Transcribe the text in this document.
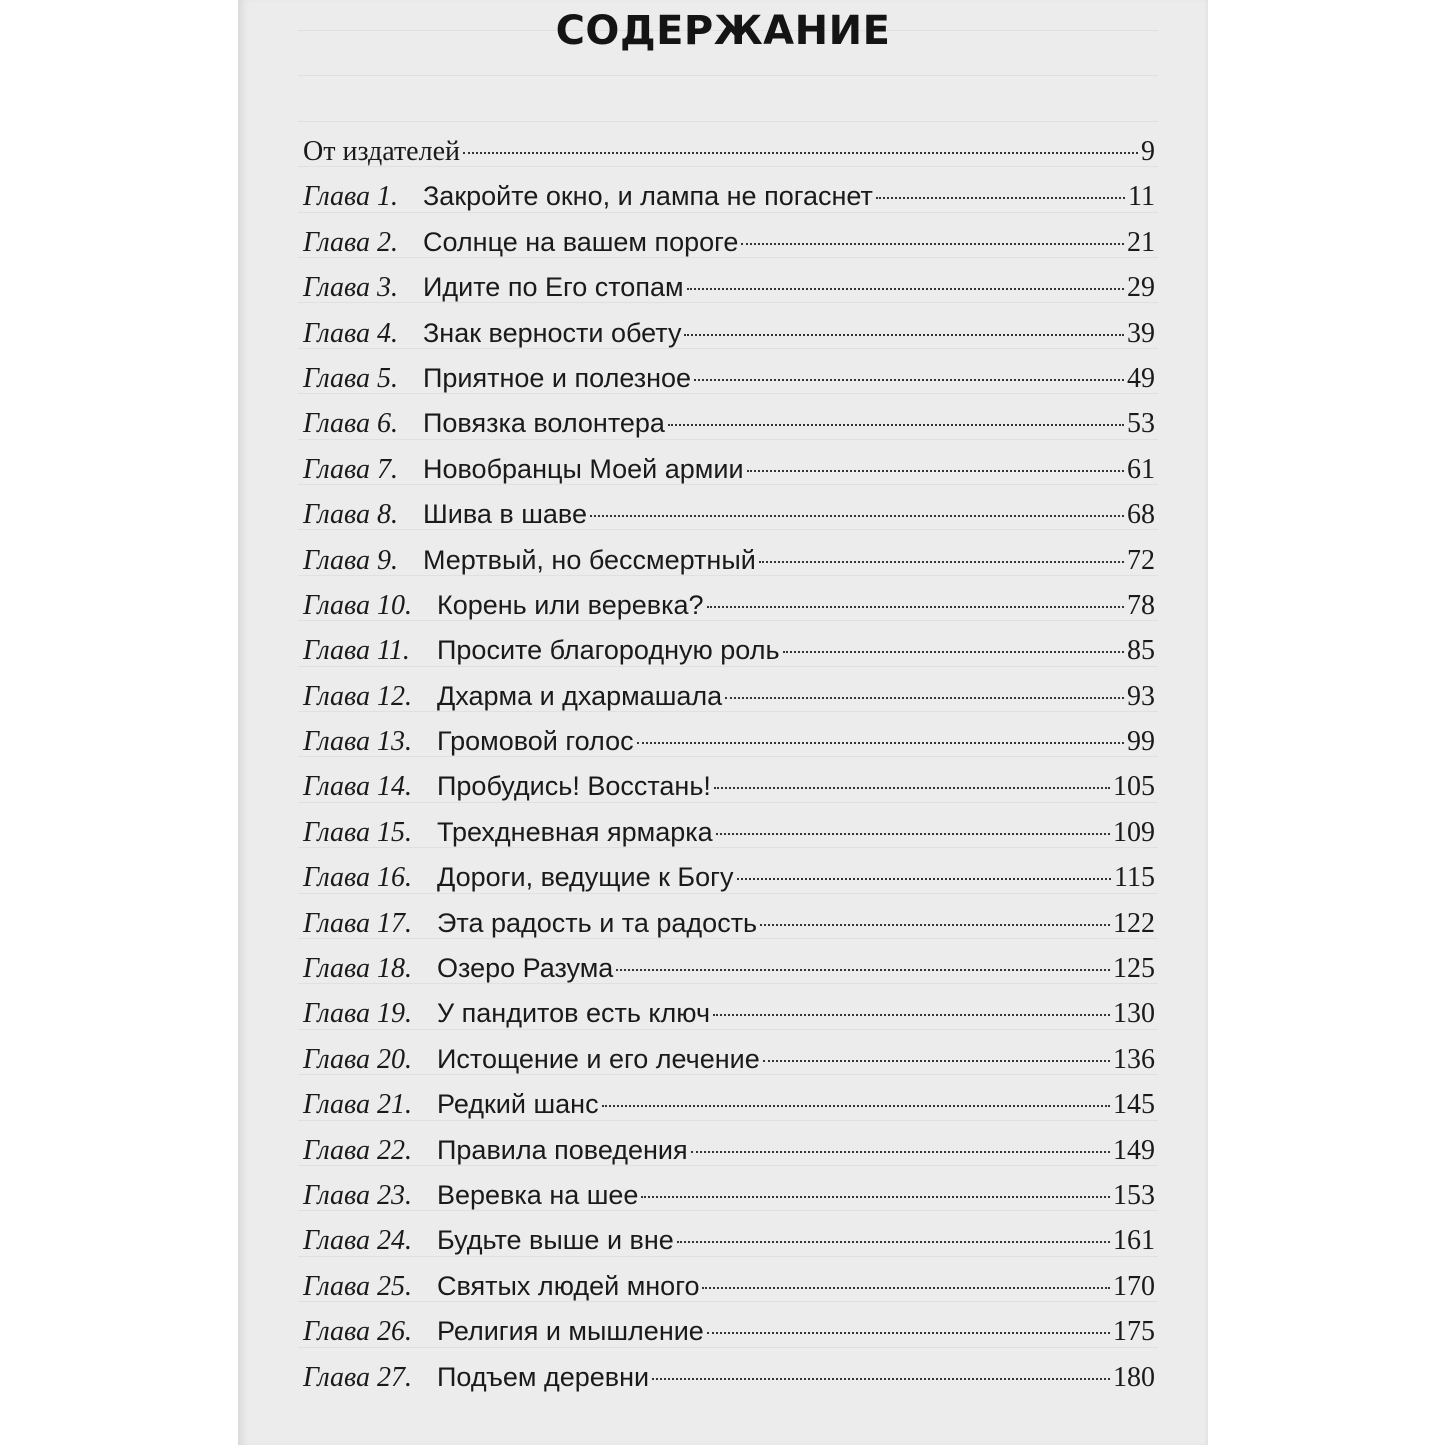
СОДЕРЖАНИЕ
От издателей	9
Глава 1. Закройте окно, и лампа не погаснет	11
Глава 2. Солнце на вашем пороге	21
Глава 3. Идите по Его стопам	29
Глава 4. Знак верности обету	39
Глава 5. Приятное и полезное	49
Глава 6. Повязка волонтера	53
Глава 7. Новобранцы Моей армии	61
Глава 8. Шива в шаве	68
Глава 9. Мертвый, но бессмертный	72
Глава 10. Корень или веревка?	78
Глава 11.	Просите благородную роль	85
Глава 12. Дхарма и дхармашала	93
Глава 13. Громовой голос	99
Глава 14. Пробудись! Восстань!	105
Глава 15. Трехдневная ярмарка	109
Глава 16. Дороги, ведущие к Богу	115
Глава 17. Эта радость и та радость	122
Глава 18. Озеро Разума	125
Глава 19. У пандитов есть ключ	130
Глава 20. Истощение и его лечение	136
Глава 21. Редкий шанс	145
Глава 22. Правила поведения	149
Глава 23. Веревка на шее	153
Глава 24. Будьте выше и вне	161
Глава 25. Святых людей много	170
Глава 26. Религия и мышление	175
Глава 27. Подъем деревни	180
